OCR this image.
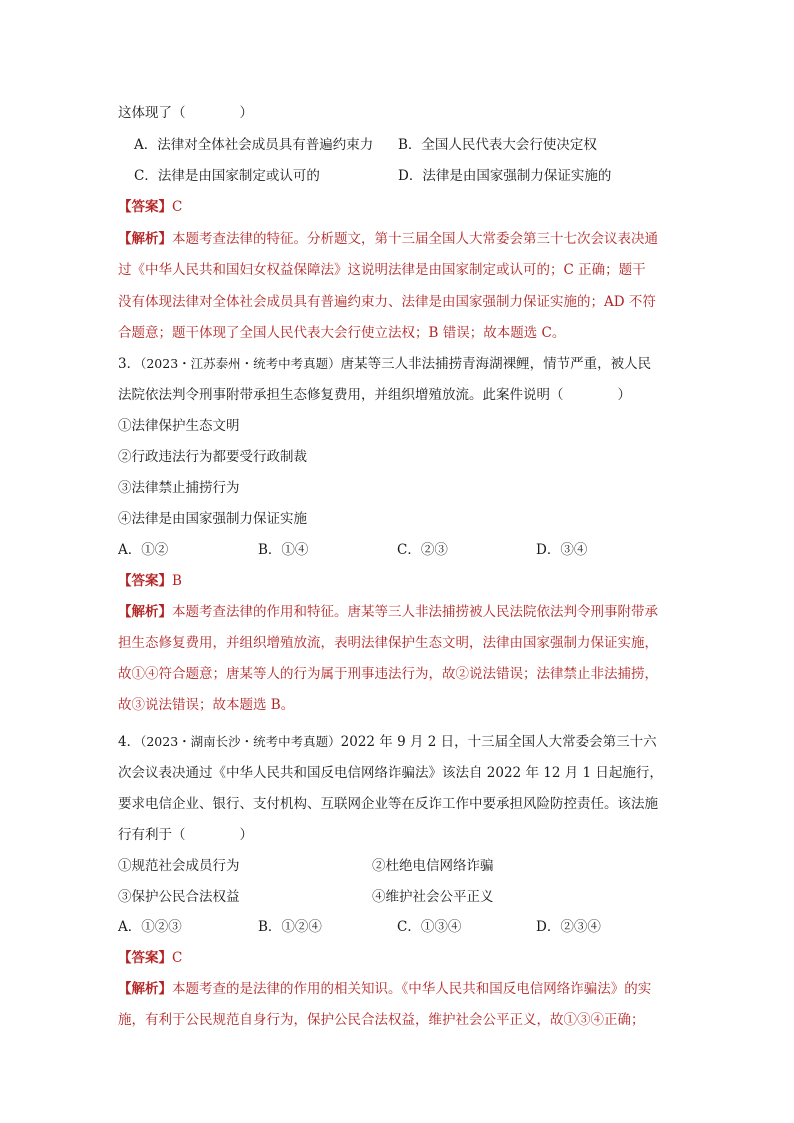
这体现了（　　　　）
A．法律对全体社会成员具有普遍约束力 B．全国人民代表大会行使决定权
C．法律是由国家制定或认可的	D．法律是由国家强制力保证实施的
【答案】C
【解析】本题考查法律的特征。分析题文，第十三届全国人大常委会第三十七次会议表决通
过《中华人民共和国妇女权益保障法》这说明法律是由国家制定或认可的；C 正确；题干
没有体现法律对全体社会成员具有普遍约束力、法律是由国家强制力保证实施的；AD 不符
合题意；题干体现了全国人民代表大会行使立法权；B 错误；故本题选 C。
3．（2023・江苏泰州・统考中考真题）唐某等三人非法捕捞青海湖裸鲤，情节严重，被人民
法院依法判令刑事附带承担生态修复费用，并组织增殖放流。此案件说明（　　　　）
①法律保护生态文明
②行政违法行为都要受行政制裁
③法律禁止捕捞行为
④法律是由国家强制力保证实施
A．①②	B．①④	C．②③	D．③④
【答案】B
【解析】本题考查法律的作用和特征。唐某等三人非法捕捞被人民法院依法判令刑事附带承
担生态修复费用，并组织增殖放流，表明法律保护生态文明，法律由国家强制力保证实施，
故①④符合题意；唐某等人的行为属于刑事违法行为，故②说法错误；法律禁止非法捕捞，
故③说法错误；故本题选 B。
4．（2023・湖南长沙・统考中考真题）2022 年 9 月 2 日，十三届全国人大常委会第三十六
次会议表决通过《中华人民共和国反电信网络诈骗法》该法自 2022 年 12 月 1 日起施行，
要求电信企业、银行、支付机构、互联网企业等在反诈工作中要承担风险防控责任。该法施
行有利于（　　　　）
①规范社会成员行为	②杜绝电信网络诈骗
③保护公民合法权益	④维护社会公平正义
A．①②③	B．①②④	C．①③④	D．②③④
【答案】C
【解析】本题考查的是法律的作用的相关知识。《中华人民共和国反电信网络诈骗法》的实
施，有利于公民规范自身行为，保护公民合法权益，维护社会公平正义，故①③④正确；
